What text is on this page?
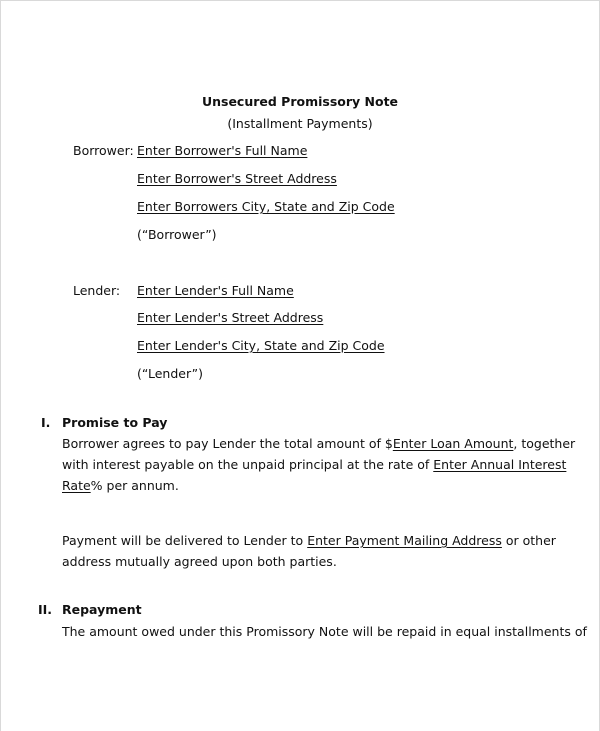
Unsecured Promissory Note
(Installment Payments)
Borrower: Enter Borrower's Full Name
Enter Borrower's Street Address
Enter Borrowers City, State and Zip Code
(“Borrower”)
Lender: Enter Lender's Full Name
Enter Lender's Street Address
Enter Lender's City, State and Zip Code
(“Lender”)
I. Promise to Pay
Borrower agrees to pay Lender the total amount of $Enter Loan Amount, together
with interest payable on the unpaid principal at the rate of Enter Annual Interest
Rate% per annum.
Payment will be delivered to Lender to Enter Payment Mailing Address or other
address mutually agreed upon both parties.
II. Repayment
The amount owed under this Promissory Note will be repaid in equal installments of
